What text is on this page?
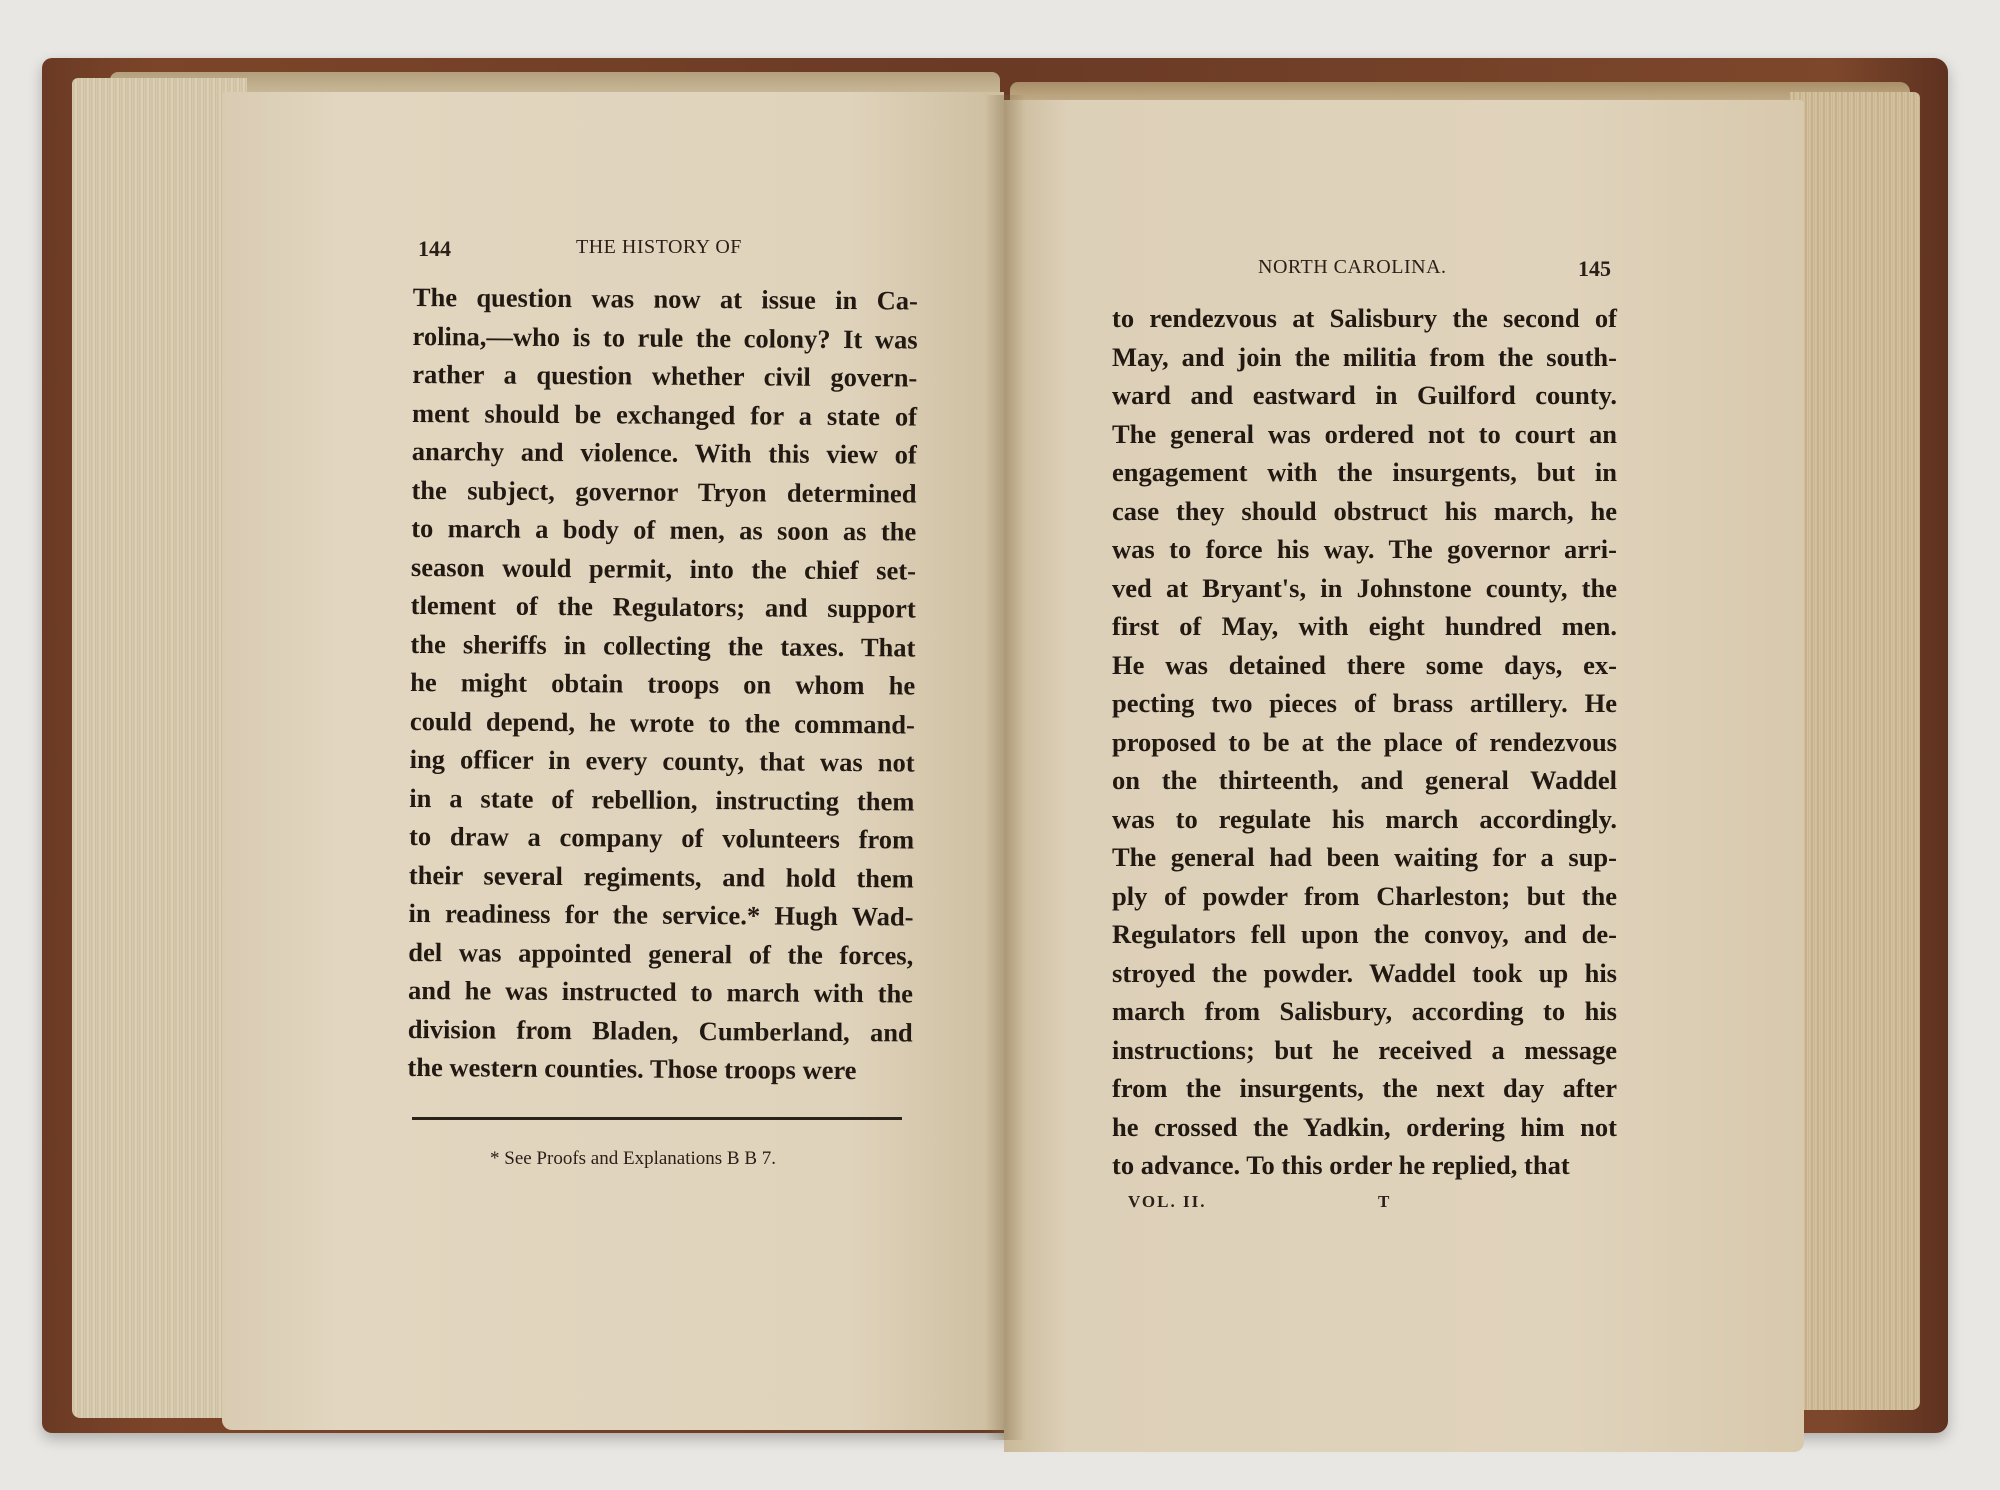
144	THE HISTORY OF
The question was now at issue in Ca-
rolina,—who is to rule the colony? It was
rather a question whether civil govern-
ment should be exchanged for a state of
anarchy and violence. With this view of
the subject, governor Tryon determined
to march a body of men, as soon as the
season would permit, into the chief set-
tlement of the Regulators; and support
the sheriffs in collecting the taxes. That
he might obtain troops on whom he
could depend, he wrote to the command-
ing officer in every county, that was not
in a state of rebellion, instructing them
to draw a company of volunteers from
their several regiments, and hold them
in readiness for the service.* Hugh Wad-
del was appointed general of the forces,
and he was instructed to march with the
division from Bladen, Cumberland, and
the western counties. Those troops were
* See Proofs and Explanations B B 7.
NORTH CAROLINA.	145
to rendezvous at Salisbury the second of
May, and join the militia from the south-
ward and eastward in Guilford county.
The general was ordered not to court an
engagement with the insurgents, but in
case they should obstruct his march, he
was to force his way. The governor arri-
ved at Bryant's, in Johnstone county, the
first of May, with eight hundred men.
He was detained there some days, ex-
pecting two pieces of brass artillery. He
proposed to be at the place of rendezvous
on the thirteenth, and general Waddel
was to regulate his march accordingly.
The general had been waiting for a sup-
ply of powder from Charleston; but the
Regulators fell upon the convoy, and de-
stroyed the powder. Waddel took up his
march from Salisbury, according to his
instructions; but he received a message
from the insurgents, the next day after
he crossed the Yadkin, ordering him not
to advance. To this order he replied, that
VOL. II.	T
